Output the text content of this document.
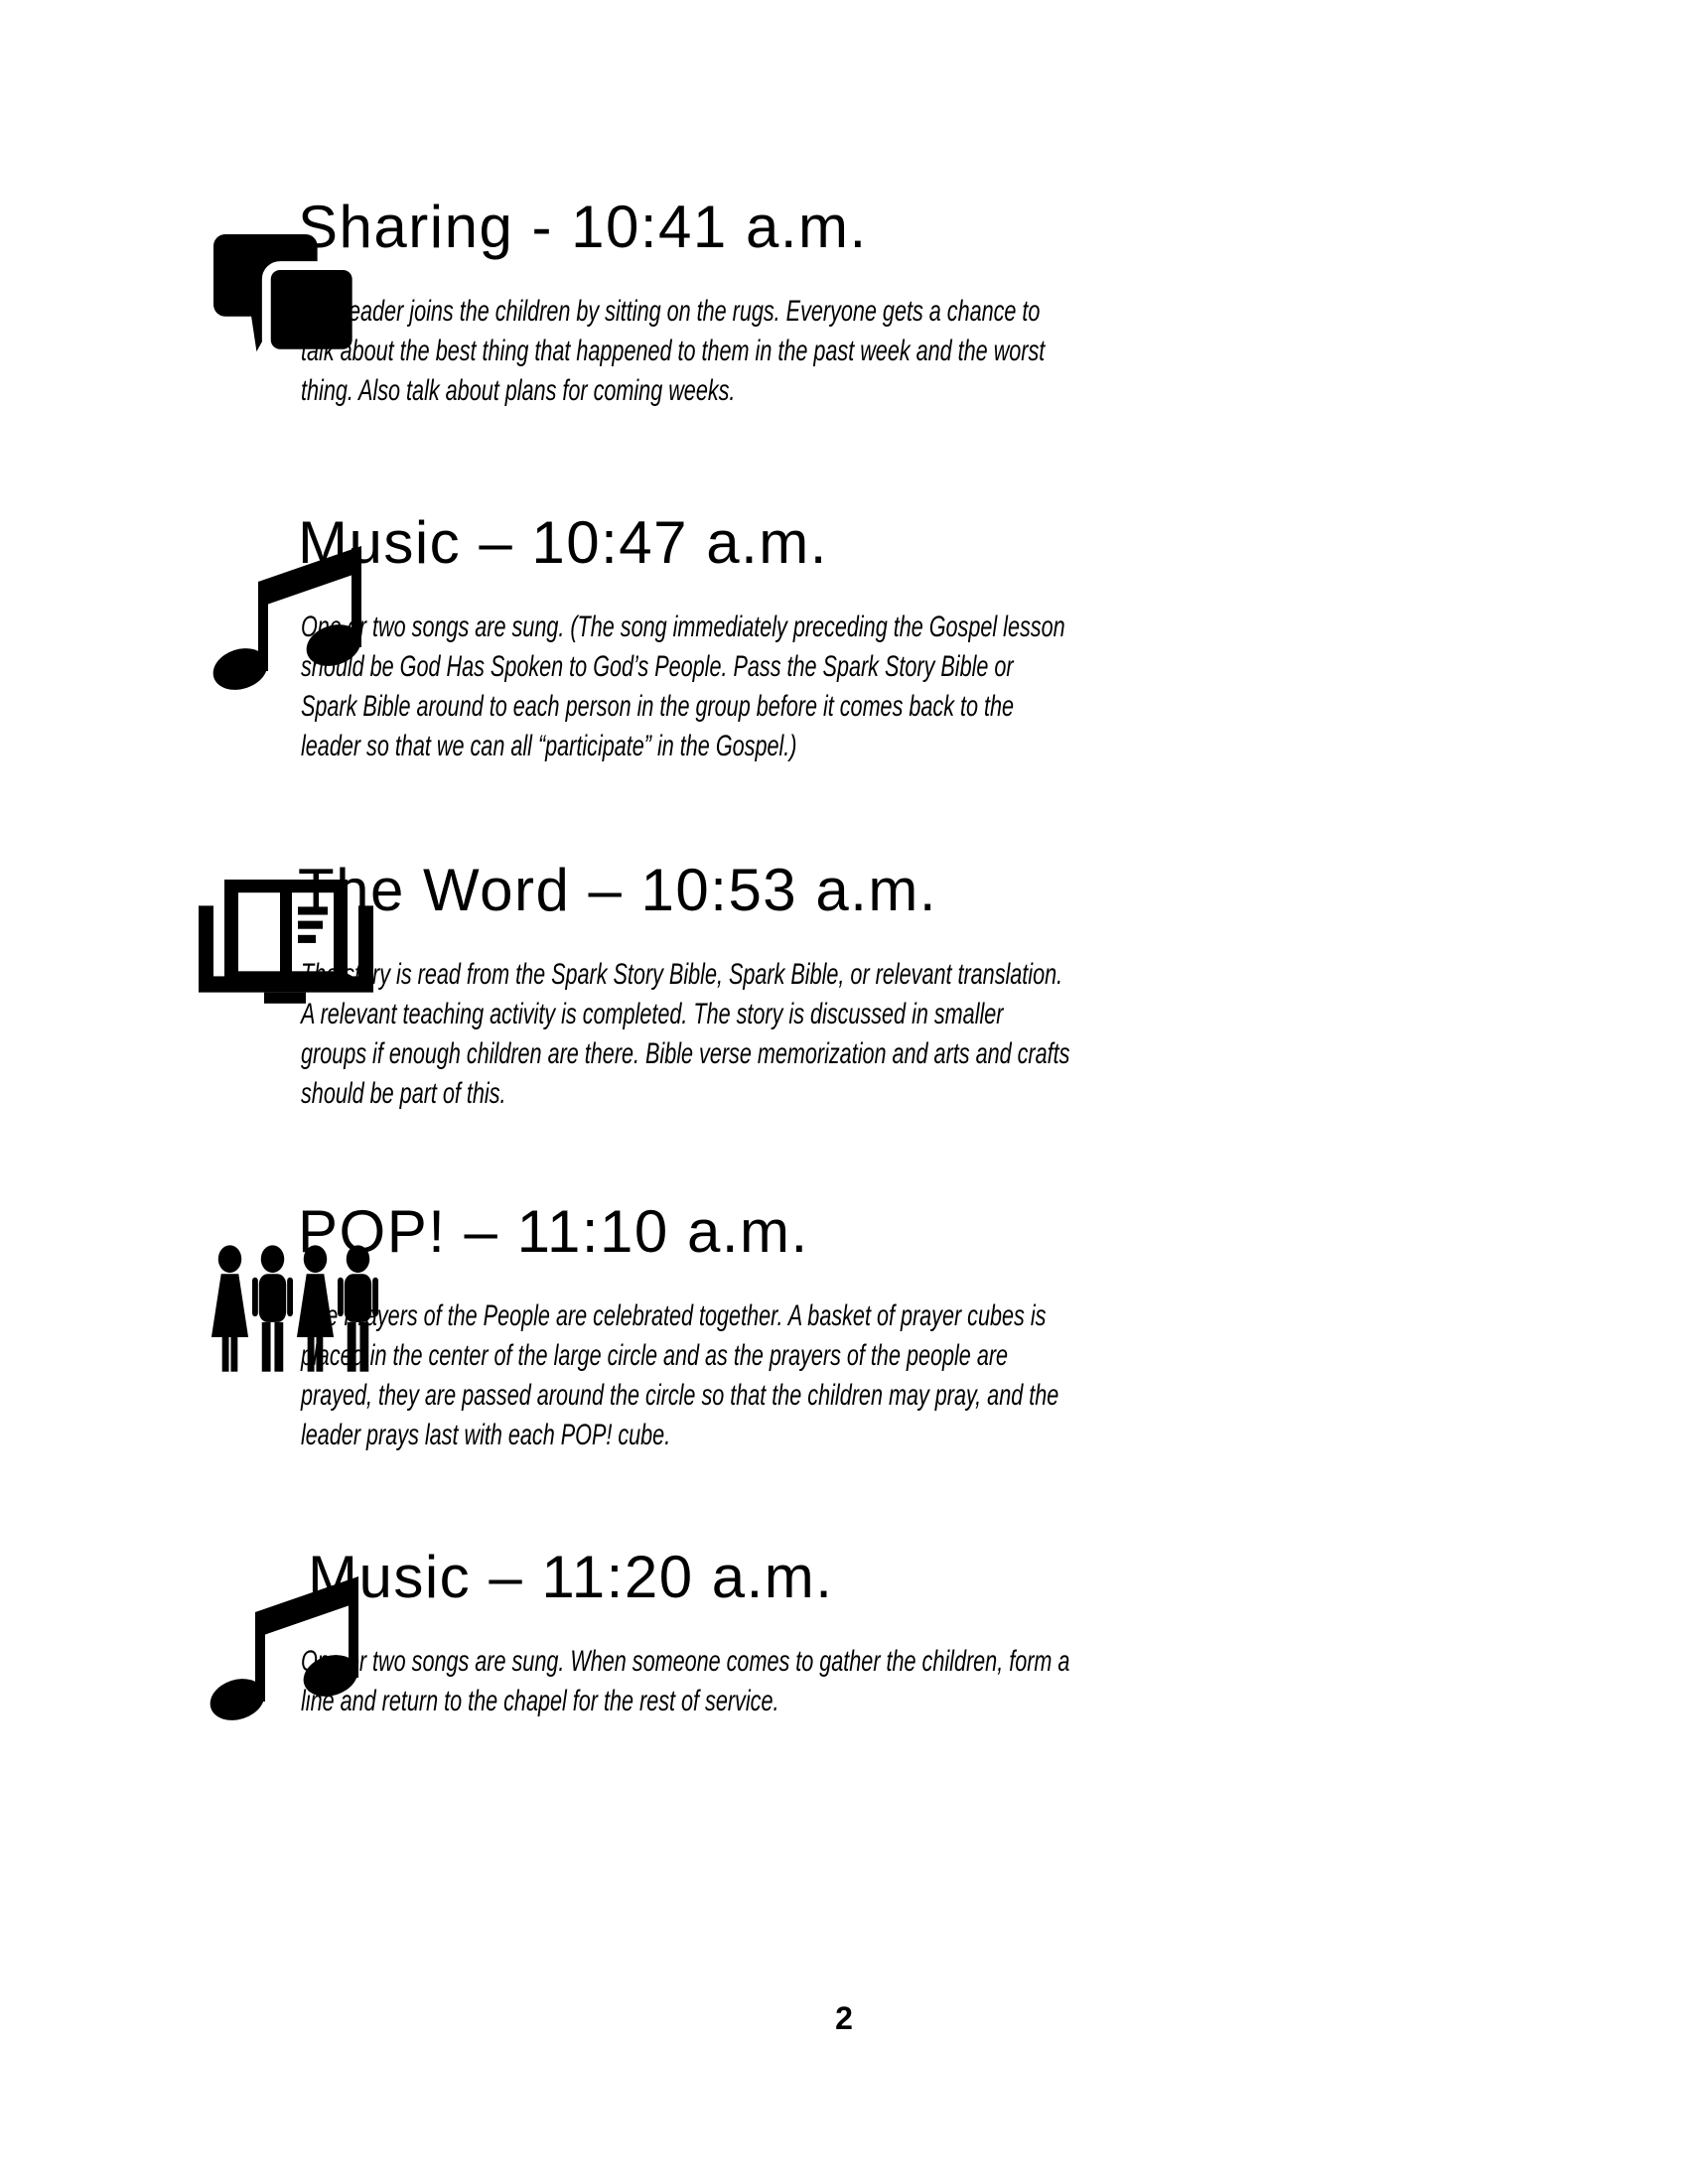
Sharing - 10:41 a.m.
The leader joins the children by sitting on the rugs. Everyone gets a chance to talk about the best thing that happened to them in the past week and the worst thing. Also talk about plans for coming weeks.
Music – 10:47 a.m.
One or two songs are sung. (The song immediately preceding the Gospel lesson should be God Has Spoken to God’s People. Pass the Spark Story Bible or Spark Bible around to each person in the group before it comes back to the leader so that we can all “participate” in the Gospel.)
The Word – 10:53 a.m.
The story is read from the Spark Story Bible, Spark Bible, or relevant translation. A relevant teaching activity is completed. The story is discussed in smaller groups if enough children are there. Bible verse memorization and arts and crafts should be part of this.
POP! – 11:10 a.m.
The Prayers of the People are celebrated together. A basket of prayer cubes is placed in the center of the large circle and as the prayers of the people are prayed, they are passed around the circle so that the children may pray, and the leader prays last with each POP! cube.
Music – 11:20 a.m.
One or two songs are sung. When someone comes to gather the children, form a line and return to the chapel for the rest of service.
2
